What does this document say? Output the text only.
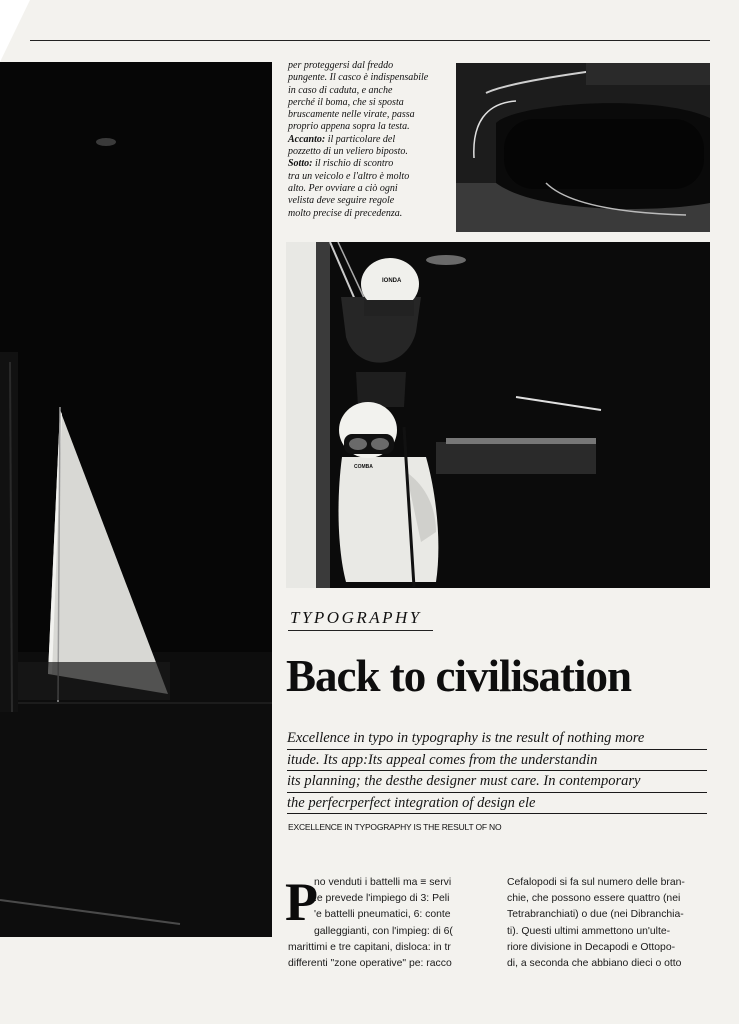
per proteggersi dal freddo
pungente. Il casco è indispensabile
in caso di caduta, e anche
perché il boma, che si sposta
bruscamente nelle virate, passa
proprio appena sopra la testa.
Accanto: il particolare del
pozzetto di un veliero biposto.
Sotto: il rischio di scontro
tra un veicolo e l'altro è molto
alto. Per ovviare a ciò ogni
velista deve seguire regole
molto precise di precedenza.
IONDA
COMBA
TYPOGRAPHY
Back to civilisation
Excellence in typo in typography is tne result of nothing more
itude. Its app:Its appeal comes from the understandin
its planning; the desthe designer must care. In contemporary
the perfecrperfect integration of design ele
EXCELLENCE IN TYPOGRAPHY IS THE RESULT OF NO
P
no venduti i battelli ma ≡ servi
.e prevede l'impiego di 3: Peli
'e battelli pneumatici, 6: conte
galleggianti, con l'impieg: di 6(
marittimi e tre capitani, disloca: in tr
differenti "zone operative" pe: racco
Cefalopodi si fa sul numero delle bran-
chie, che possono essere quattro (nei
Tetrabranchiati) o due (nei Dibranchia-
ti). Questi ultimi ammettono un'ulte-
riore divisione in Decapodi e Ottopo-
di, a seconda che abbiano dieci o otto
